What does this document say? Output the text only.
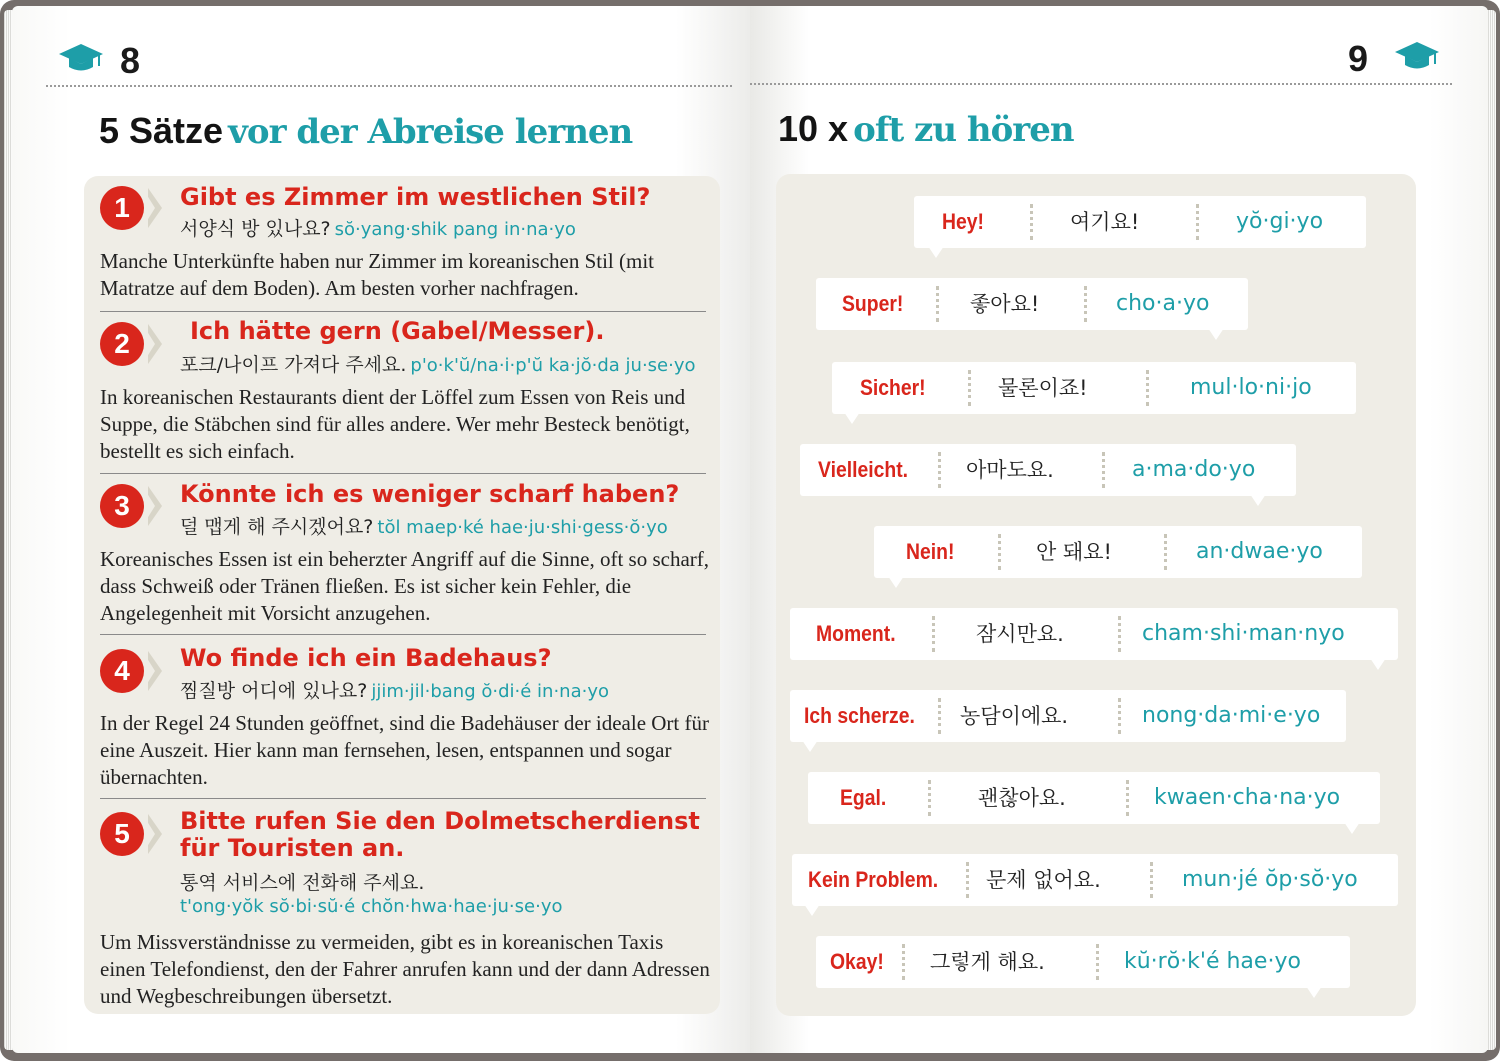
8
5 Sätze vor der Abreise lernen
1	Gibt es Zimmer im westlichen Stil?
서양식 방 있나요? sŏ·yang·shik pang in·na·yo
Manche Unterkünfte haben nur Zimmer im koreanischen Stil (mit Matratze auf dem Boden). Am besten vorher nachfragen.
2	Ich hätte gern (Gabel/Messer).
포크/나이프 가져다 주세요. p'o·k'ŭ/na·i·p'ŭ ka·jŏ·da ju·se·yo
In koreanischen Restaurants dient der Löffel zum Essen von Reis und Suppe, die Stäbchen sind für alles andere. Wer mehr Besteck benötigt, bestellt es sich einfach.
3	Könnte ich es weniger scharf haben?
덜 맵게 해 주시겠어요? tŏl maep·ké hae·ju·shi·gess·ŏ·yo
Koreanisches Essen ist ein beherzter Angriff auf die Sinne, oft so scharf, dass Schweiß oder Tränen fließen. Es ist sicher kein Fehler, die Angelegenheit mit Vorsicht anzugehen.
4	Wo finde ich ein Badehaus?
찜질방 어디에 있나요? jjim·jil·bang ŏ·di·é in·na·yo
In der Regel 24 Stunden geöffnet, sind die Badehäuser der ideale Ort für eine Auszeit. Hier kann man fernsehen, lesen, entspannen und sogar übernachten.
5	Bitte rufen Sie den Dolmetscherdienst für Touristen an.
통역 서비스에 전화해 주세요.
t'ong·yŏk sŏ·bi·sŭ·é chŏn·hwa·hae·ju·se·yo
Um Missverständnisse zu vermeiden, gibt es in koreanischen Taxis einen Telefondienst, den der Fahrer anrufen kann und der dann Adressen und Wegbeschreibungen übersetzt.
9
10 x oft zu hören
Hey!	여기요!	yŏ·gi·yo
Super!	좋아요!	cho·a·yo
Sicher!	물론이죠!	mul·lo·ni·jo
Vielleicht.	아마도요.	a·ma·do·yo
Nein!	안 돼요!	an·dwae·yo
Moment.	잠시만요.	cham·shi·man·nyo
Ich scherze. 농담이에요.	nong·da·mi·e·yo
Egal.	괜찮아요.	kwaen·cha·na·yo
Kein Problem. 문제 없어요.	mun·jé ŏp·sŏ·yo
Okay! 그렇게 해요.	kŭ·rŏ·k'é hae·yo
